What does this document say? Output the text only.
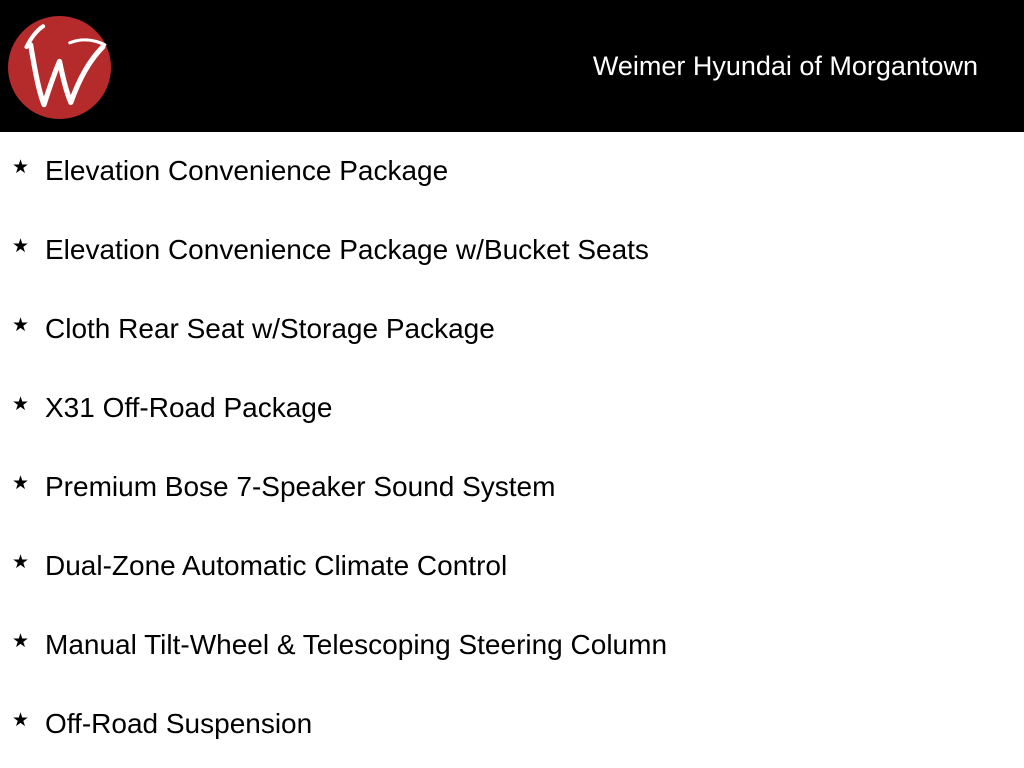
Weimer Hyundai of Morgantown
★ Elevation Convenience Package
★ Elevation Convenience Package w/Bucket Seats
★ Cloth Rear Seat w/Storage Package
★ X31 Off-Road Package
★ Premium Bose 7-Speaker Sound System
★ Dual-Zone Automatic Climate Control
★ Manual Tilt-Wheel & Telescoping Steering Column
★ Off-Road Suspension
